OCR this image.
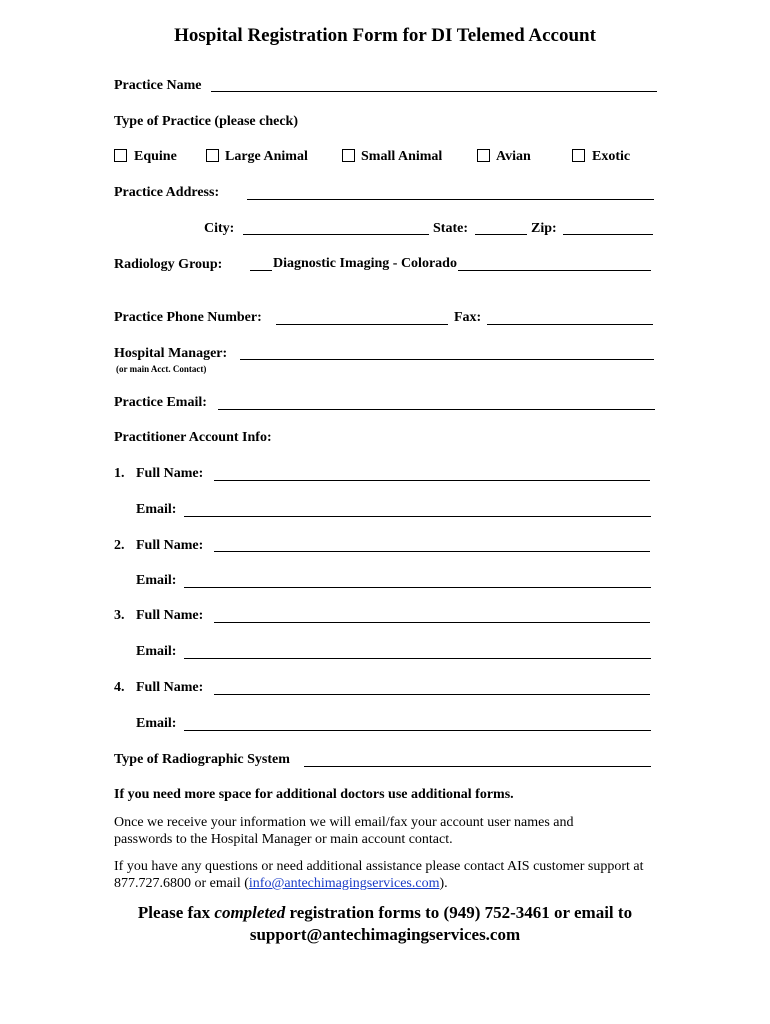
Hospital Registration Form for DI Telemed Account
Practice Name
Type of Practice (please check)
Equine	Large Animal	Small Animal	Avian	Exotic
Practice Address:
City:	State:	Zip:
Radiology Group:	Diagnostic Imaging - Colorado
Practice Phone Number:	Fax:
Hospital Manager:
(or main Acct. Contact)
Practice Email:
Practitioner Account Info:
1. Full Name:
Email:
2. Full Name:
Email:
3. Full Name:
Email:
4. Full Name:
Email:
Type of Radiographic System
If you need more space for additional doctors use additional forms.
Once we receive your information we will email/fax your account user names and passwords to the Hospital Manager or main account contact.
If you have any questions or need additional assistance please contact AIS customer support at 877.727.6800 or email (info@antechimagingservices.com).
Please fax completed registration forms to (949) 752-3461 or email to support@antechimagingservices.com
